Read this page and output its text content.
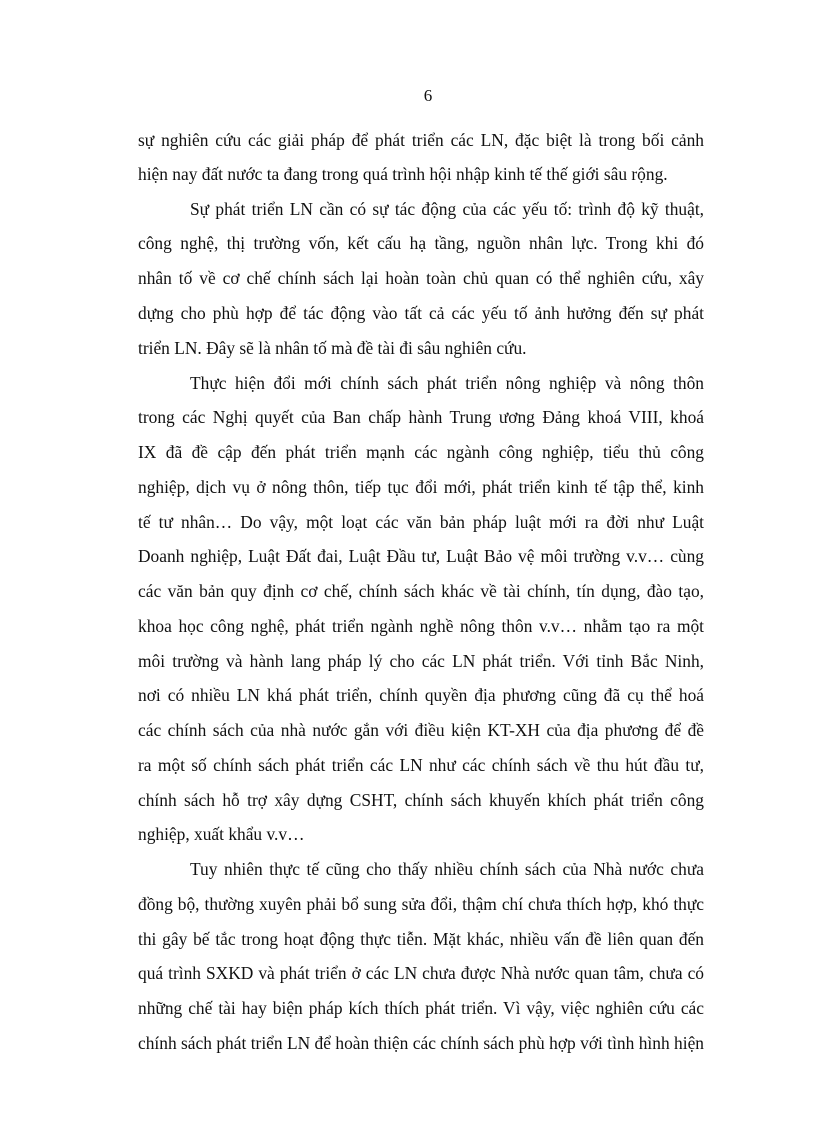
6
sự nghiên cứu các giải pháp để phát triển các LN, đặc biệt là trong bối cảnh
hiện nay đất nước ta đang trong quá trình hội nhập kinh tế thế giới sâu rộng.
Sự phát triển LN cần có sự tác động của các yếu tố: trình độ kỹ thuật,
công nghệ, thị trường vốn, kết cấu hạ tầng, nguồn nhân lực. Trong khi đó
nhân tố về cơ chế chính sách lại hoàn toàn chủ quan có thể nghiên cứu, xây
dựng cho phù hợp để tác động vào tất cả các yếu tố ảnh hưởng đến sự phát
triển LN. Đây sẽ là nhân tố mà đề tài đi sâu nghiên cứu.
Thực hiện đổi mới chính sách phát triển nông nghiệp và nông thôn
trong các Nghị quyết của Ban chấp hành Trung ương Đảng khoá VIII, khoá
IX đã đề cập đến phát triển mạnh các ngành công nghiệp, tiểu thủ công
nghiệp, dịch vụ ở nông thôn, tiếp tục đổi mới, phát triển kinh tế tập thể, kinh
tế tư nhân… Do vậy, một loạt các văn bản pháp luật mới ra đời như Luật
Doanh nghiệp, Luật Đất đai, Luật Đầu tư, Luật Bảo vệ môi trường v.v… cùng
các văn bản quy định cơ chế, chính sách khác về tài chính, tín dụng, đào tạo,
khoa học công nghệ, phát triển ngành nghề nông thôn v.v… nhằm tạo ra một
môi trường và hành lang pháp lý cho các LN phát triển. Với tỉnh Bắc Ninh,
nơi có nhiều LN khá phát triển, chính quyền địa phương cũng đã cụ thể hoá
các chính sách của nhà nước gắn với điều kiện KT-XH của địa phương để đề
ra một số chính sách phát triển các LN như các chính sách về thu hút đầu tư,
chính sách hỗ trợ xây dựng CSHT, chính sách khuyến khích phát triển công
nghiệp, xuất khẩu v.v…
Tuy nhiên thực tế cũng cho thấy nhiều chính sách của Nhà nước chưa
đồng bộ, thường xuyên phải bổ sung sửa đổi, thậm chí chưa thích hợp, khó thực
thi gây bế tắc trong hoạt động thực tiễn. Mặt khác, nhiều vấn đề liên quan đến
quá trình SXKD và phát triển ở các LN chưa được Nhà nước quan tâm, chưa có
những chế tài hay biện pháp kích thích phát triển. Vì vậy, việc nghiên cứu các
chính sách phát triển LN để hoàn thiện các chính sách phù hợp với tình hình hiện
